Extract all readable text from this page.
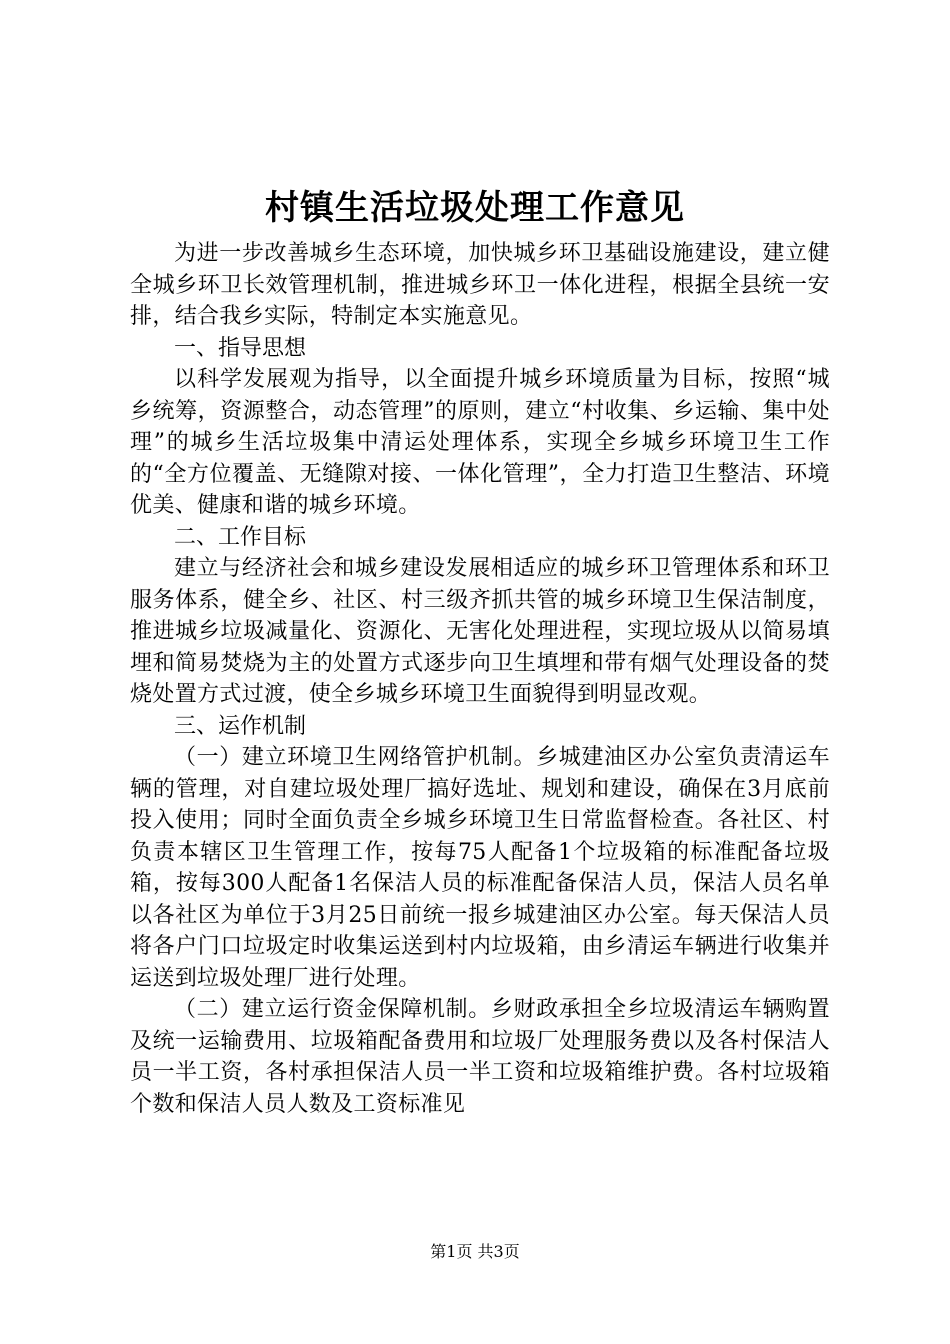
村镇生活垃圾处理工作意见

为进一步改善城乡生态环境，加快城乡环卫基础设施建设，建立健全城乡环卫长效管理机制，推进城乡环卫一体化进程，根据全县统一安排，结合我乡实际，特制定本实施意见。

一、指导思想

以科学发展观为指导，以全面提升城乡环境质量为目标，按照“城乡统筹，资源整合，动态管理”的原则，建立“村收集、乡运输、集中处理”的城乡生活垃圾集中清运处理体系，实现全乡城乡环境卫生工作的“全方位覆盖、无缝隙对接、一体化管理”，全力打造卫生整洁、环境优美、健康和谐的城乡环境。

二、工作目标

建立与经济社会和城乡建设发展相适应的城乡环卫管理体系和环卫服务体系，健全乡、社区、村三级齐抓共管的城乡环境卫生保洁制度，推进城乡垃圾减量化、资源化、无害化处理进程，实现垃圾从以简易填埋和简易焚烧为主的处置方式逐步向卫生填埋和带有烟气处理设备的焚烧处置方式过渡，使全乡城乡环境卫生面貌得到明显改观。

三、运作机制

（一）建立环境卫生网络管护机制。乡城建油区办公室负责清运车辆的管理，对自建垃圾处理厂搞好选址、规划和建设，确保在3月底前投入使用；同时全面负责全乡城乡环境卫生日常监督检查。各社区、村负责本辖区卫生管理工作，按每75人配备1个垃圾箱的标准配备垃圾箱，按每300人配备1名保洁人员的标准配备保洁人员，保洁人员名单以各社区为单位于3月25日前统一报乡城建油区办公室。每天保洁人员将各户门口垃圾定时收集运送到村内垃圾箱，由乡清运车辆进行收集并运送到垃圾处理厂进行处理。

（二）建立运行资金保障机制。乡财政承担全乡垃圾清运车辆购置及统一运输费用、垃圾箱配备费用和垃圾厂处理服务费以及各村保洁人员一半工资，各村承担保洁人员一半工资和垃圾箱维护费。各村垃圾箱个数和保洁人员人数及工资标准见

第1页 共3页
